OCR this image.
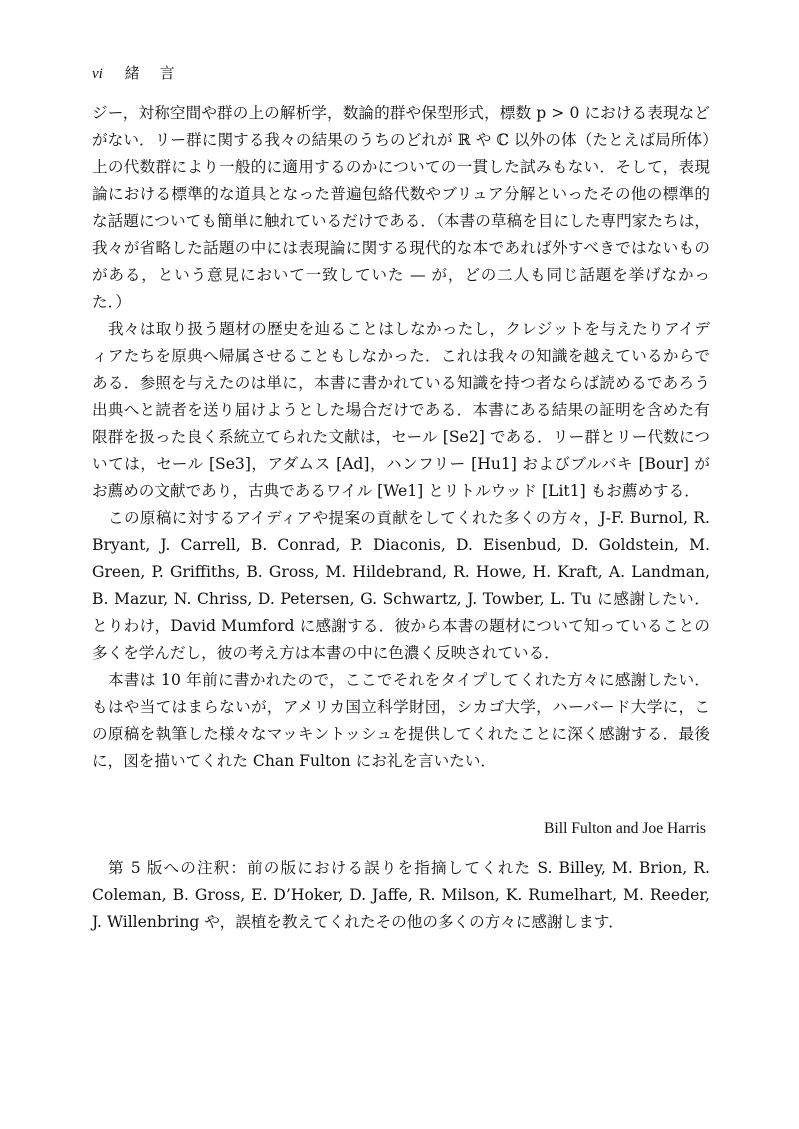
vi 緒言

ジー，対称空間や群の上の解析学，数論的群や保型形式，標数 p > 0 における表現などがない．リー群に関する我々の結果のうちのどれが ℝ や ℂ 以外の体（たとえば局所体）上の代数群により一般的に適用するのかについての一貫した試みもない．そして，表現論における標準的な道具となった普遍包絡代数やブリュア分解といったその他の標準的な話題についても簡単に触れているだけである．（本書の草稿を目にした専門家たちは，我々が省略した話題の中には表現論に関する現代的な本であれば外すべきではないものがある，という意見において一致していた — が，どの二人も同じ話題を挙げなかった．）

我々は取り扱う題材の歴史を辿ることはしなかったし，クレジットを与えたりアイディアたちを原典へ帰属させることもしなかった．これは我々の知識を越えているからである．参照を与えたのは単に，本書に書かれている知識を持つ者ならば読めるであろう出典へと読者を送り届けようとした場合だけである．本書にある結果の証明を含めた有限群を扱った良く系統立てられた文献は，セール [Se2] である．リー群とリー代数については，セール [Se3]，アダムス [Ad]，ハンフリー [Hu1] およびブルバキ [Bour] がお薦めの文献であり，古典であるワイル [We1] とリトルウッド [Lit1] もお薦めする．

この原稿に対するアイディアや提案の貢献をしてくれた多くの方々，J-F. Burnol, R. Bryant, J. Carrell, B. Conrad, P. Diaconis, D. Eisenbud, D. Goldstein, M. Green, P. Griffiths, B. Gross, M. Hildebrand, R. Howe, H. Kraft, A. Landman, B. Mazur, N. Chriss, D. Petersen, G. Schwartz, J. Towber, L. Tu に感謝したい．とりわけ，David Mumford に感謝する．彼から本書の題材について知っていることの多くを学んだし，彼の考え方は本書の中に色濃く反映されている．

本書は 10 年前に書かれたので，ここでそれをタイプしてくれた方々に感謝したい．もはや当てはまらないが，アメリカ国立科学財団，シカゴ大学，ハーバード大学に，この原稿を執筆した様々なマッキントッシュを提供してくれたことに深く感謝する．最後に，図を描いてくれた Chan Fulton にお礼を言いたい．

Bill Fulton and Joe Harris

第 5 版への注釈：前の版における誤りを指摘してくれた S. Billey, M. Brion, R. Coleman, B. Gross, E. D’Hoker, D. Jaffe, R. Milson, K. Rumelhart, M. Reeder, J. Willenbring や，誤植を教えてくれたその他の多くの方々に感謝します．
